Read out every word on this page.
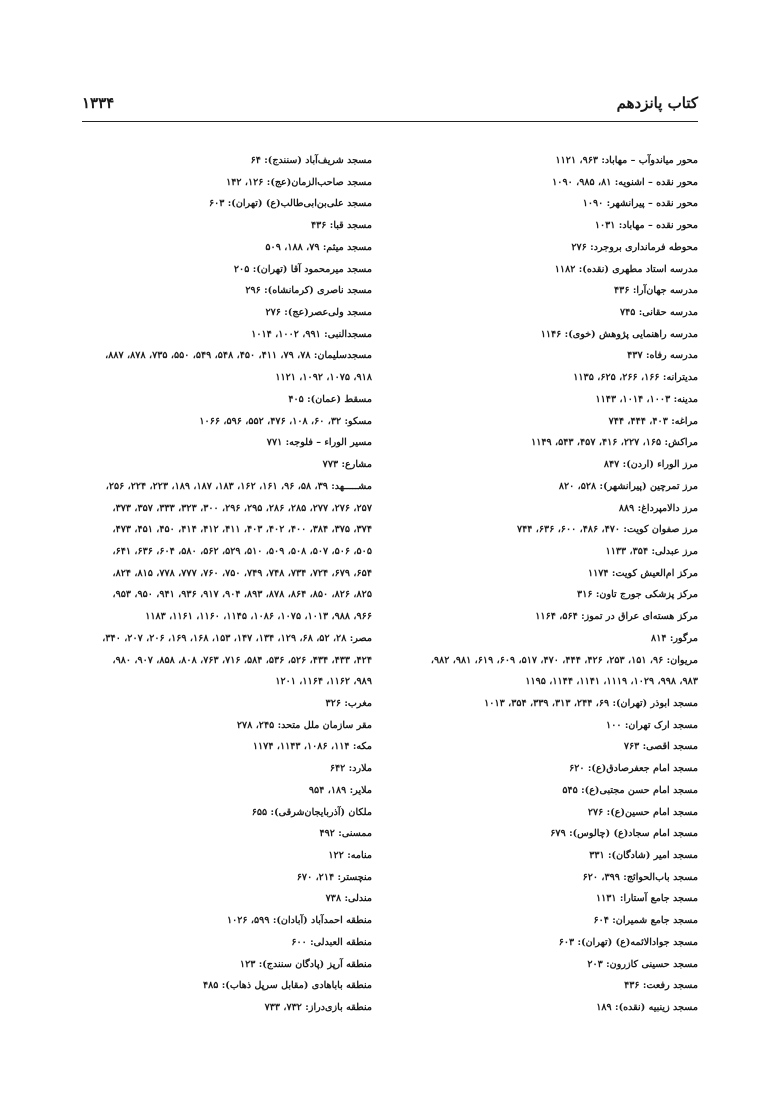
کتاب پانزدهم
۱۳۳۴
محور میاندوآب – مهاباد: ۹۶۳، ۱۱۲۱
محور نقده – اشنویه: ۸۱، ۹۸۵، ۱۰۹۰
محور نقده – پیرانشهر: ۱۰۹۰
محور نقده – مهاباد: ۱۰۳۱
محوطه فرمانداری بروجرد: ۲۷۶
مدرسه استاد مطهری (نقده): ۱۱۸۲
مدرسه جهان‌آرا: ۴۳۶
مدرسه حقانی: ۷۴۵
مدرسه راهنمایی پژوهش (خوی): ۱۱۴۶
مدرسه رفاه: ۴۳۷
مدیترانه: ۱۶۶، ۲۶۶، ۶۲۵، ۱۱۳۵
مدینه: ۱۰۰۳، ۱۰۱۴، ۱۱۴۳
مراغه: ۴۰۳، ۴۴۴، ۷۴۴
مراکش: ۱۶۵، ۲۲۷، ۴۱۶، ۴۵۷، ۵۴۳، ۱۱۴۹
مرز الوراء (اردن): ۸۴۷
مرز تمرچین (پیرانشهر): ۵۲۸، ۸۲۰
مرز دالامپرداغ: ۸۸۹
مرز صفوان کویت: ۴۷۰، ۴۸۶، ۶۰۰، ۶۳۶، ۷۴۴
مرز عبدلی: ۳۵۴، ۱۱۳۳
مرکز ام‌العیش کویت: ۱۱۷۴
مرکز پزشکی جورج تاون: ۳۱۶
مرکز هسته‌ای عراق در تموز: ۵۶۴، ۱۱۶۴
مرگور: ۸۱۴
مریوان: ۹۶، ۱۵۱، ۲۵۳، ۴۲۶، ۴۴۴، ۴۷۰، ۵۱۷، ۶۰۹، ۶۱۹، ۹۸۱، ۹۸۲،
۹۸۳، ۹۹۸، ۱۰۲۹، ۱۱۱۹، ۱۱۴۱، ۱۱۴۴، ۱۱۹۵
مسجد ابوذر (تهران): ۶۹، ۲۴۴، ۳۱۳، ۳۳۹، ۳۵۴، ۱۰۱۳
مسجد ارک تهران: ۱۰۰
مسجد اقصی: ۷۶۳
مسجد امام جعفرصادق(ع): ۶۲۰
مسجد امام حسن مجتبی(ع): ۵۴۵
مسجد امام حسین(ع): ۲۷۶
مسجد امام سجاد(ع) (چالوس): ۶۷۹
مسجد امیر (شادگان): ۳۳۱
مسجد باب‌الحوائج: ۳۹۹، ۶۲۰
مسجد جامع آستارا: ۱۱۳۱
مسجد جامع شمیران: ۶۰۴
مسجد جوادالائمه(ع) (تهران): ۶۰۳
مسجد حسینی کازرون: ۲۰۳
مسجد رفعت: ۴۳۶
مسجد زینبیه (نقده): ۱۸۹
مسجد شریف‌آباد (سنندج): ۶۴
مسجد صاحب‌الزمان(عج): ۱۲۶، ۱۴۲
مسجد علی‌بن‌ابی‌طالب(ع) (تهران): ۶۰۳
مسجد قبا: ۴۳۶
مسجد میثم: ۷۹، ۱۸۸، ۵۰۹
مسجد میرمحمود آقا (تهران): ۲۰۵
مسجد ناصری (کرمانشاه): ۲۹۶
مسجد ولی‌عصر(عج): ۲۷۶
مسجدالنبی: ۹۹۱، ۱۰۰۲، ۱۰۱۴
مسجدسلیمان: ۷۸، ۷۹، ۴۱۱، ۴۵۰، ۵۴۸، ۵۴۹، ۵۵۰، ۷۳۵، ۸۷۸، ۸۸۷،
۹۱۸، ۱۰۷۵، ۱۰۹۲، ۱۱۲۱
مسقط (عمان): ۴۰۵
مسکو: ۳۲، ۶۰، ۱۰۸، ۴۷۶، ۵۵۲، ۵۹۶، ۱۰۶۶
مسیر الوراء – فلوجه: ۷۷۱
مشارع: ۷۷۳
مشـــــهد: ۳۹، ۵۸، ۹۶، ۱۶۱، ۱۶۲، ۱۸۳، ۱۸۷، ۱۸۹، ۲۲۳، ۲۲۴، ۲۵۶،
۲۵۷، ۲۷۶، ۲۷۷، ۲۸۵، ۲۸۶، ۲۹۵، ۲۹۶، ۳۰۰، ۳۲۳، ۳۳۳، ۳۵۷، ۳۷۳،
۳۷۴، ۳۷۵، ۳۸۴، ۴۰۰، ۴۰۲، ۴۰۳، ۴۱۱، ۴۱۲، ۴۱۴، ۴۵۰، ۴۵۱، ۴۷۳،
۵۰۵، ۵۰۶، ۵۰۷، ۵۰۸، ۵۰۹، ۵۱۰، ۵۲۹، ۵۶۲، ۵۸۰، ۶۰۴، ۶۳۶، ۶۴۱،
۶۵۴، ۶۷۹، ۷۲۴، ۷۳۴، ۷۴۸، ۷۴۹، ۷۵۰، ۷۶۰، ۷۷۷، ۷۷۸، ۸۱۵، ۸۲۴،
۸۲۵، ۸۲۶، ۸۵۰، ۸۶۴، ۸۷۸، ۸۹۳، ۹۰۴، ۹۱۷، ۹۳۶، ۹۴۱، ۹۵۰، ۹۵۳،
۹۶۶، ۹۸۸، ۱۰۱۳، ۱۰۷۵، ۱۰۸۶، ۱۱۴۵، ۱۱۶۰، ۱۱۶۱، ۱۱۸۳
مصر: ۲۸، ۵۲، ۶۸، ۱۲۹، ۱۳۴، ۱۴۷، ۱۵۳، ۱۶۸، ۱۶۹، ۲۰۶، ۲۰۷، ۳۴۰،
۴۲۴، ۴۳۳، ۴۳۴، ۵۲۶، ۵۳۶، ۵۸۴، ۷۱۶، ۷۶۳، ۸۰۸، ۸۵۸، ۹۰۷، ۹۸۰،
۹۸۹، ۱۱۶۲، ۱۱۶۴، ۱۲۰۱
مغرب: ۳۲۶
مقر سازمان ملل متحد: ۲۴۵، ۲۷۸
مکه: ۱۱۴، ۱۰۸۶، ۱۱۴۳، ۱۱۷۴
ملارد: ۶۴۲
ملایر: ۱۸۹، ۹۵۴
ملکان (آذربایجان‌شرقی): ۶۵۵
ممسنی: ۴۹۲
منامه: ۱۲۲
منچستر: ۲۱۴، ۶۷۰
مندلی: ۷۳۸
منطقه احمدآباد (آبادان): ۵۹۹، ۱۰۲۶
منطقه العبدلی: ۶۰۰
منطقه آرپز (پادگان سنندج): ۱۲۳
منطقه باباهادی (مقابل سرپل ذهاب): ۴۸۵
منطقه بازی‌دراز: ۷۳۲، ۷۳۳
